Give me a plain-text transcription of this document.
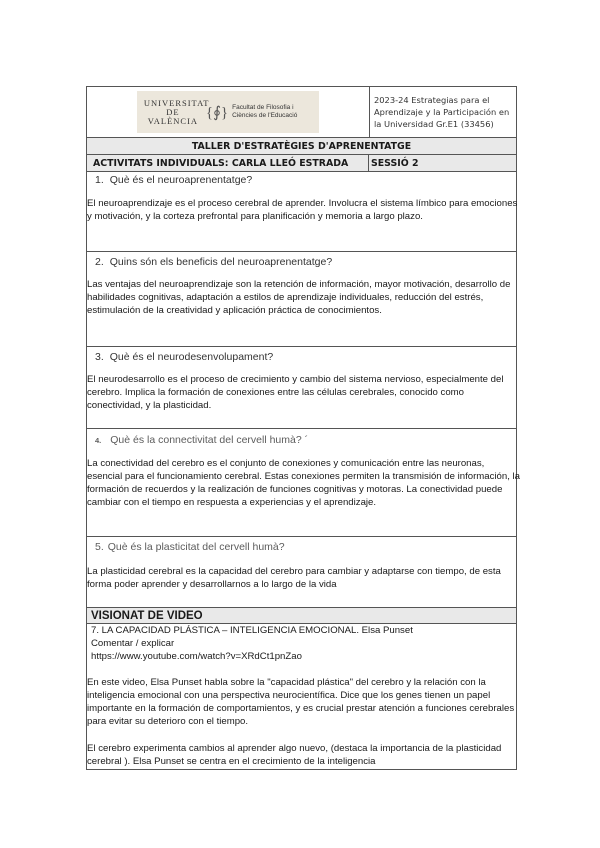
UNIVERSITAT DE VALÈNCIA {∮} Facultat de Filosofia i Ciències de l'Educació
2023-24 Estrategias para el Aprendizaje y la Participación en la Universidad Gr.E1 (33456)
TALLER D'ESTRATÈGIES D'APRENENTATGE
ACTIVITATS INDIVIDUALS: CARLA LLEÓ ESTRADA	SESSIÓ 2
1. Què és el neuroaprenentatge?
El neuroaprendizaje es el proceso cerebral de aprender. Involucra el sistema límbico para emociones y motivación, y la corteza prefrontal para planificación y memoria a largo plazo.
2. Quins són els beneficis del neuroaprenentatge?
Las ventajas del neuroaprendizaje son la retención de información, mayor motivación, desarrollo de habilidades cognitivas, adaptación a estilos de aprendizaje individuales, reducción del estrés, estimulación de la creatividad y aplicación práctica de conocimientos.
3. Què és el neurodesenvolupament?
El neurodesarrollo es el proceso de crecimiento y cambio del sistema nervioso, especialmente del cerebro. Implica la formación de conexiones entre las células cerebrales, conocido como conectividad, y la plasticidad.
4. Què és la connectivitat del cervell humà? ´
La conectividad del cerebro es el conjunto de conexiones y comunicación entre las neuronas, esencial para el funcionamiento cerebral. Estas conexiones permiten la transmisión de información, la formación de recuerdos y la realización de funciones cognitivas y motoras. La conectividad puede cambiar con el tiempo en respuesta a experiencias y el aprendizaje.
5. Què és la plasticitat del cervell humà?
La plasticidad cerebral es la capacidad del cerebro para cambiar y adaptarse con tiempo, de esta forma poder aprender y desarrollarnos a lo largo de la vida
VISIONAT DE VIDEO
7. LA CAPACIDAD PLÁSTICA – INTELIGENCIA EMOCIONAL. Elsa Punset
Comentar / explicar
https://www.youtube.com/watch?v=XRdCt1pnZao
En este video, Elsa Punset habla sobre la "capacidad plástica" del cerebro y la relación con la inteligencia emocional con una perspectiva neurocientífica. Dice que los genes tienen un papel importante en la formación de comportamientos, y es crucial prestar atención a funciones cerebrales para evitar su deterioro con el tiempo.
El cerebro experimenta cambios al aprender algo nuevo, (destaca la importancia de la plasticidad cerebral ). Elsa Punset se centra en el crecimiento de la inteligencia
